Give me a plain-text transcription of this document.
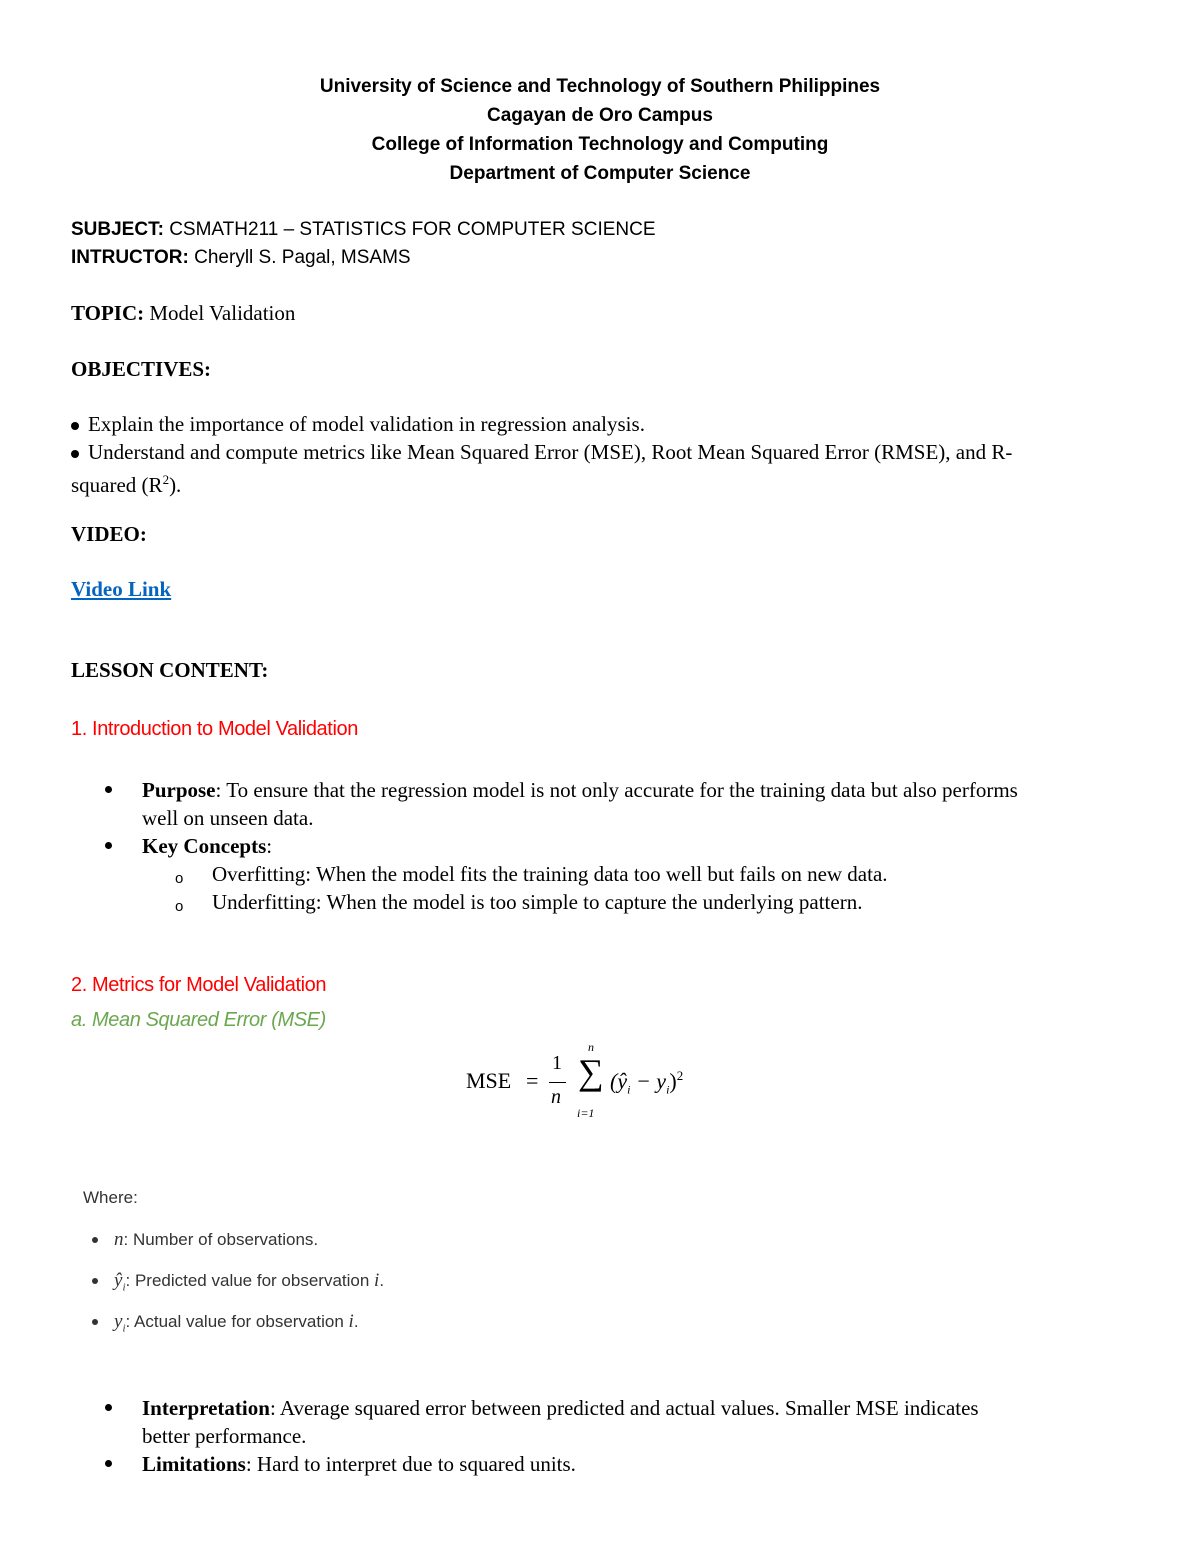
University of Science and Technology of Southern Philippines
Cagayan de Oro Campus
College of Information Technology and Computing
Department of Computer Science
SUBJECT: CSMATH211 – STATISTICS FOR COMPUTER SCIENCE
INTRUCTOR: Cheryll S. Pagal, MSAMS
TOPIC: Model Validation
OBJECTIVES:
Explain the importance of model validation in regression analysis.
Understand and compute metrics like Mean Squared Error (MSE), Root Mean Squared Error (RMSE), and R-
squared $(R^2)$.
VIDEO:
Video Link
LESSON CONTENT:
1. Introduction to Model Validation
Purpose: To ensure that the regression model is not only accurate for the training data but also performs
well on unseen data.
Key Concepts:
o Overfitting: When the model fits the training data too well but fails on new data.
o Underfitting: When the model is too simple to capture the underlying pattern.
2. Metrics for Model Validation
a. Mean Squared Error (MSE)
MSE =
1
n
n
∑
i=1
$(ŷ_i - y_i)^2$
Where:
n: Number of observations.
$ŷ_i$: Predicted value for observation i.
$y_i$: Actual value for observation i.
Interpretation: Average squared error between predicted and actual values. Smaller MSE indicates
better performance.
Limitations: Hard to interpret due to squared units.
